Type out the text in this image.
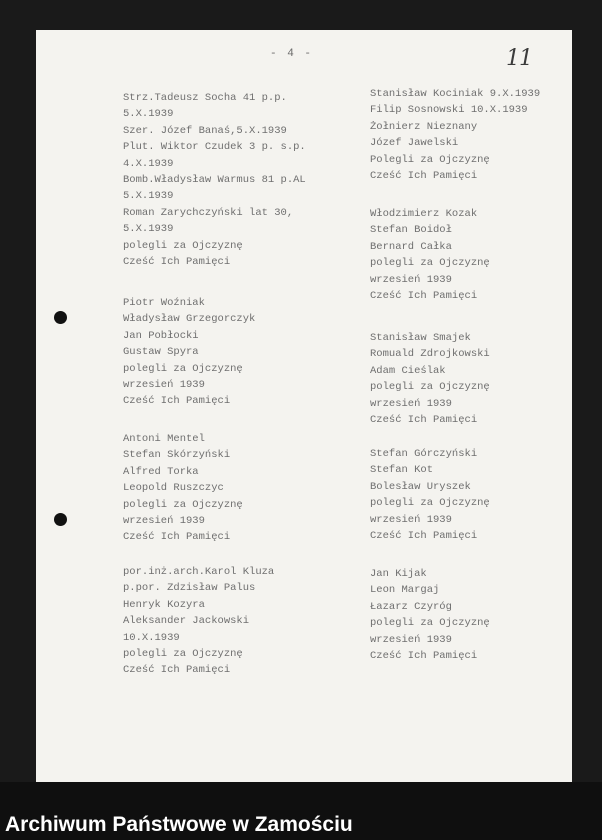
- 4 -	11
Strz.Tadeusz Socha 41 p.p.
5.X.1939
Szer. Józef Banaś,5.X.1939
Plut. Wiktor Czudek 3 p. s.p.
4.X.1939
Bomb.Władysław Warmus 81 p.AL
5.X.1939
Roman Zarychczyński lat 30,
5.X.1939
polegli za Ojczyznę
Cześć Ich Pamięci
Piotr Woźniak
Władysław Grzegorczyk
Jan Pobłocki
Gustaw Spyra
polegli za Ojczyznę
wrzesień 1939
Cześć Ich Pamięci
Antoni Mentel
Stefan Skórzyński
Alfred Torka
Leopold Ruszczyc
polegli za Ojczyznę
wrzesień 1939
Cześć Ich Pamięci
por.inż.arch.Karol Kluza
p.por. Zdzisław Palus
Henryk Kozyra
Aleksander Jackowski
10.X.1939
polegli za Ojczyznę
Cześć Ich Pamięci
Stanisław Kociniak 9.X.1939
Filip Sosnowski 10.X.1939
Żołnierz Nieznany
Józef Jawelski
Polegli za Ojczyznę
Cześć Ich Pamięci
Włodzimierz Kozak
Stefan Boidoł
Bernard Całka
polegli za Ojczyznę
wrzesień 1939
Cześć Ich Pamięci
Stanisław Smajek
Romuald Zdrojkowski
Adam Cieślak
polegli za Ojczyznę
wrzesień 1939
Cześć Ich Pamięci
Stefan Górczyński
Stefan Kot
Bolesław Uryszek
polegli za Ojczyznę
wrzesień 1939
Cześć Ich Pamięci
Jan Kijak
Leon Margaj
Łazarz Czyróg
polegli za Ojczyznę
wrzesień 1939
Cześć Ich Pamięci
Archiwum Państwowe w Zamościu
